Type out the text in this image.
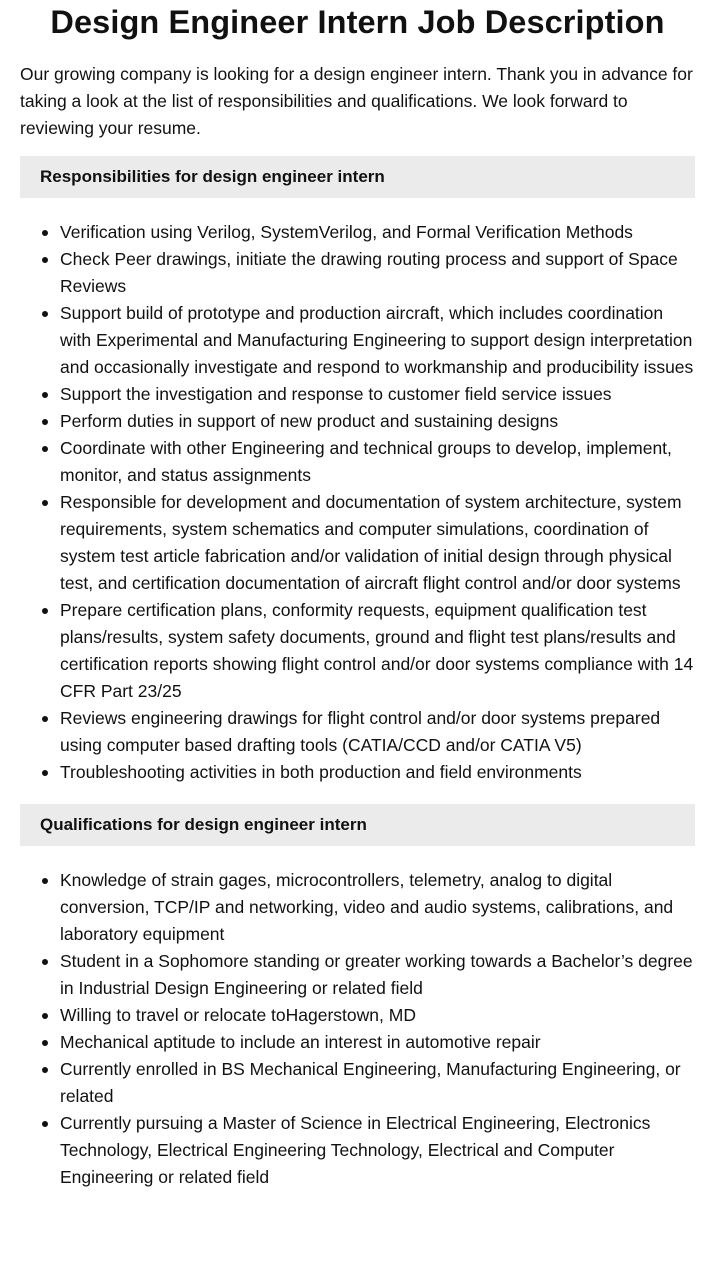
Design Engineer Intern Job Description

Our growing company is looking for a design engineer intern. Thank you in advance for taking a look at the list of responsibilities and qualifications. We look forward to reviewing your resume.

Responsibilities for design engineer intern
Verification using Verilog, SystemVerilog, and Formal Verification Methods
Check Peer drawings, initiate the drawing routing process and support of Space Reviews
Support build of prototype and production aircraft, which includes coordination with Experimental and Manufacturing Engineering to support design interpretation and occasionally investigate and respond to workmanship and producibility issues
Support the investigation and response to customer field service issues
Perform duties in support of new product and sustaining designs
Coordinate with other Engineering and technical groups to develop, implement, monitor, and status assignments
Responsible for development and documentation of system architecture, system requirements, system schematics and computer simulations, coordination of system test article fabrication and/or validation of initial design through physical test, and certification documentation of aircraft flight control and/or door systems
Prepare certification plans, conformity requests, equipment qualification test plans/results, system safety documents, ground and flight test plans/results and certification reports showing flight control and/or door systems compliance with 14 CFR Part 23/25
Reviews engineering drawings for flight control and/or door systems prepared using computer based drafting tools (CATIA/CCD and/or CATIA V5)
Troubleshooting activities in both production and field environments
Qualifications for design engineer intern
Knowledge of strain gages, microcontrollers, telemetry, analog to digital conversion, TCP/IP and networking, video and audio systems, calibrations, and laboratory equipment
Student in a Sophomore standing or greater working towards a Bachelor’s degree in Industrial Design Engineering or related field
Willing to travel or relocate toHagerstown, MD
Mechanical aptitude to include an interest in automotive repair
Currently enrolled in BS Mechanical Engineering, Manufacturing Engineering, or related
Currently pursuing a Master of Science in Electrical Engineering, Electronics Technology, Electrical Engineering Technology, Electrical and Computer Engineering or related field
